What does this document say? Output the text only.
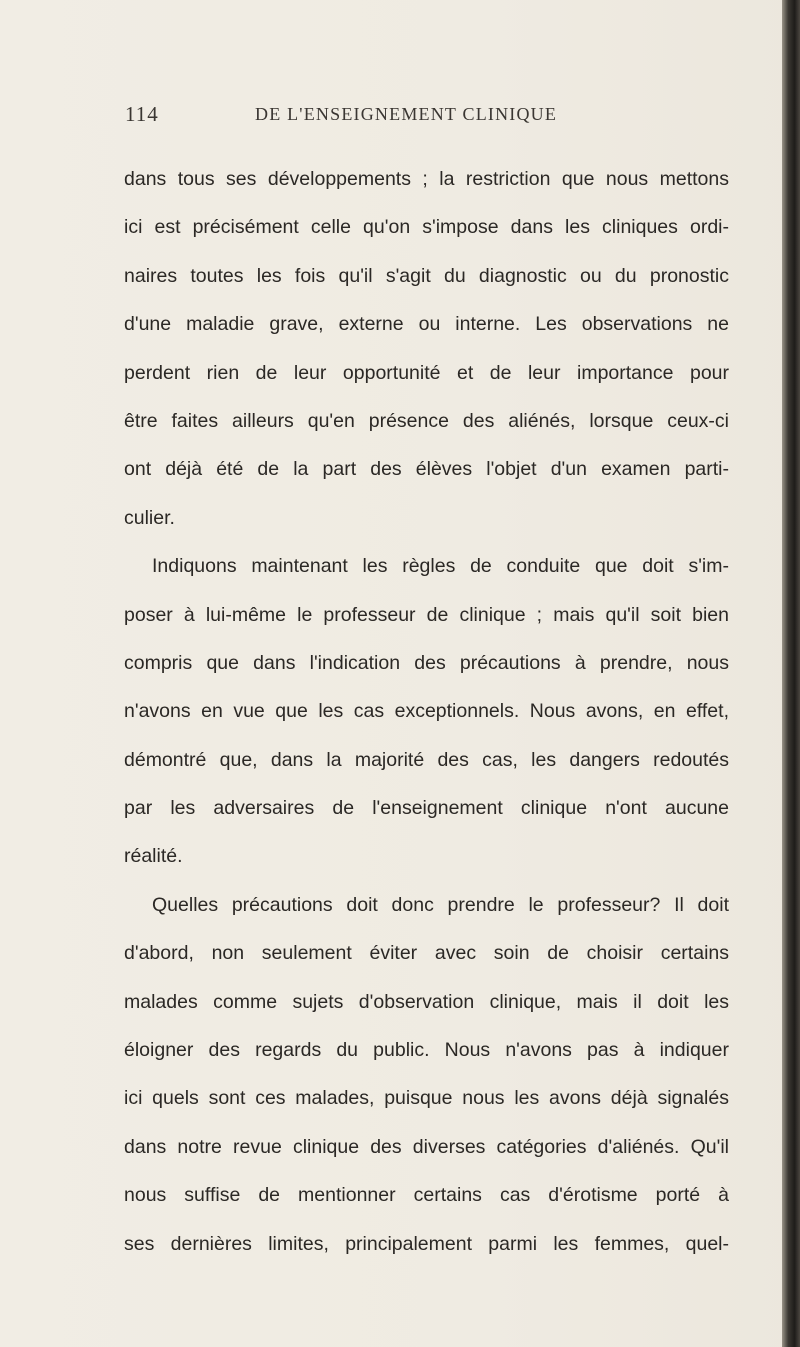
114	DE L'ENSEIGNEMENT CLINIQUE
dans tous ses développements ; la restriction que nous mettons
ici est précisément celle qu'on s'impose dans les cliniques ordi-
naires toutes les fois qu'il s'agit du diagnostic ou du pronostic
d'une maladie grave, externe ou interne. Les observations ne
perdent rien de leur opportunité et de leur importance pour
être faites ailleurs qu'en présence des aliénés, lorsque ceux-ci
ont déjà été de la part des élèves l'objet d'un examen parti-
culier.
Indiquons maintenant les règles de conduite que doit s'im-
poser à lui-même le professeur de clinique ; mais qu'il soit bien
compris que dans l'indication des précautions à prendre, nous
n'avons en vue que les cas exceptionnels. Nous avons, en effet,
démontré que, dans la majorité des cas, les dangers redoutés
par les adversaires de l'enseignement clinique n'ont aucune
réalité.
Quelles précautions doit donc prendre le professeur? Il doit
d'abord, non seulement éviter avec soin de choisir certains
malades comme sujets d'observation clinique, mais il doit les
éloigner des regards du public. Nous n'avons pas à indiquer
ici quels sont ces malades, puisque nous les avons déjà signalés
dans notre revue clinique des diverses catégories d'aliénés. Qu'il
nous suffise de mentionner certains cas d'érotisme porté à
ses dernières limites, principalement parmi les femmes, quel-
